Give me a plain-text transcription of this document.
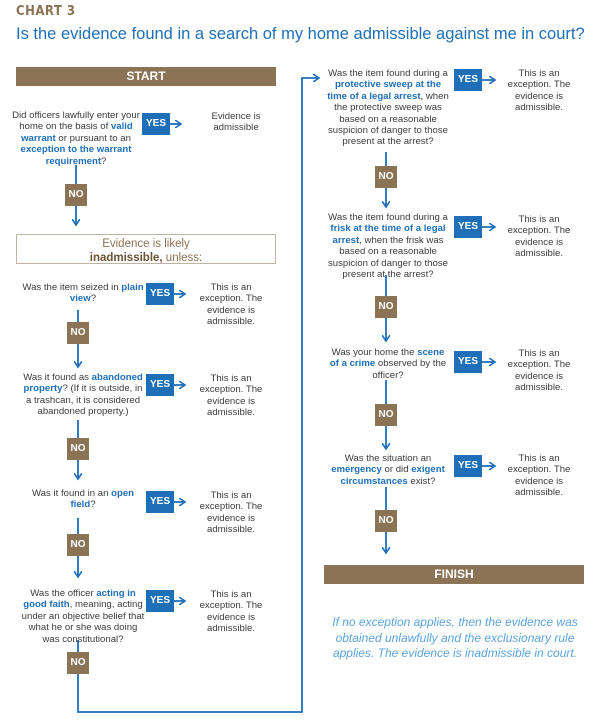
CHART 3
Is the evidence found in a search of my home admissible against me in court?
START
FINISH
Did officers lawfully enter your home on the basis of valid warrant or pursuant to an exception to the warrant requirement?
YES
Evidence is admissible
NO
Evidence is likely
inadmissible, unless:
Was the item seized in plain view?	YES
This is an exception. The evidence is admissible.
NO
Was it found as abandoned property? (If it is outside, in a trashcan, it is considered abandoned property.)
YES
This is an exception. The evidence is admissible.
NO
Was it found in an open field?	YES
This is an exception. The evidence is admissible.
NO
Was the officer acting in good faith, meaning, acting under an objective belief that what he or she was doing was constitutional?
YES
This is an exception. The evidence is admissible.
NO
Was the item found during a protective sweep at the time of a legal arrest, when the protective sweep was based on a reasonable suspicion of danger to those present at the arrest?
YES
This is an exception. The evidence is admissible.
NO
Was the item found during a frisk at the time of a legal arrest, when the frisk was based on a reasonable suspicion of danger to those present at the arrest?
YES
This is an exception. The evidence is admissible.
NO
Was your home the scene of a crime observed by the officer?
YES
This is an exception. The evidence is admissible.
NO
Was the situation an emergency or did exigent circumstances exist?
YES
This is an exception. The evidence is admissible.
NO
If no exception applies, then the evidence was obtained unlawfully and the exclusionary rule applies. The evidence is inadmissible in court.
